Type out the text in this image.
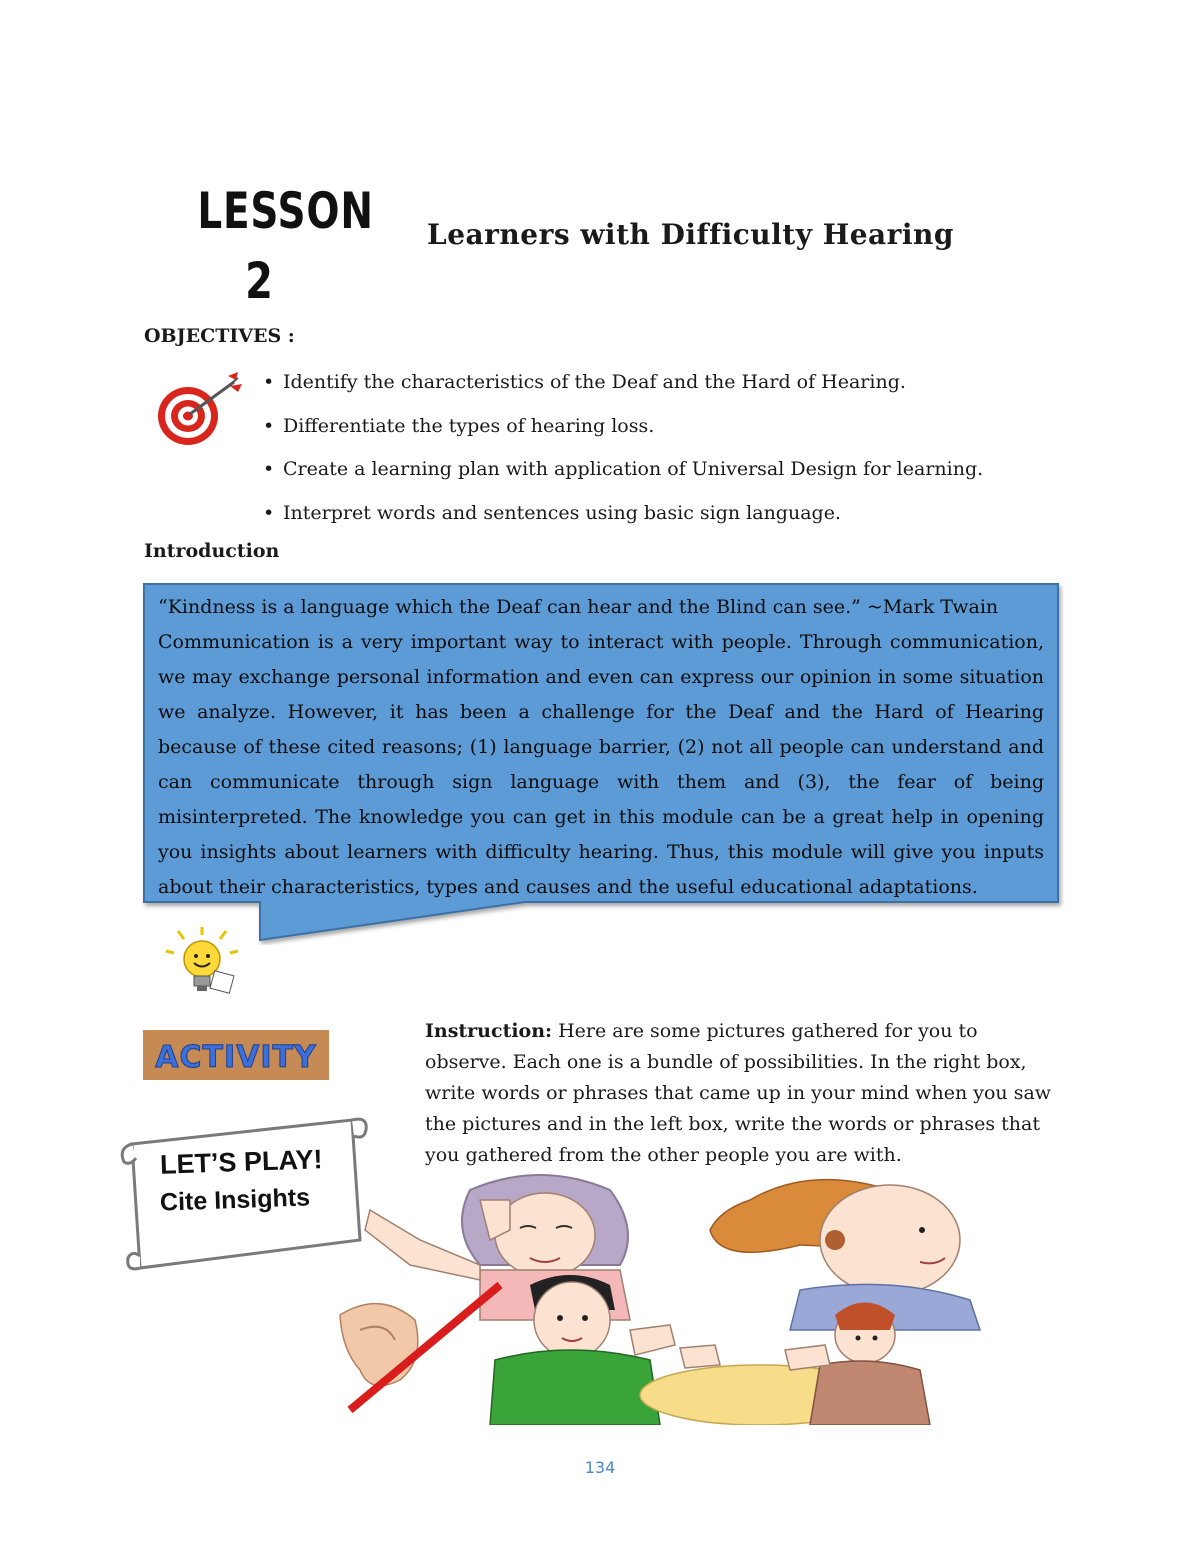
LESSON
2
Learners with Difficulty Hearing
OBJECTIVES :
• Identify the characteristics of the Deaf and the Hard of Hearing.
• Differentiate the types of hearing loss.
• Create a learning plan with application of Universal Design for learning.
• Interpret words and sentences using basic sign language.
Introduction

“Kindness is a language which the Deaf can hear and the Blind can see.” ~Mark Twain

Communication is a very important way to interact with people. Through communication, we may exchange personal information and even can express our opinion in some situation we analyze. However, it has been a challenge for the Deaf and the Hard of Hearing because of these cited reasons; (1) language barrier, (2) not all people can understand and can communicate through sign language with them and (3), the fear of being misinterpreted. The knowledge you can get in this module can be a great help in opening you insights about learners with difficulty hearing. Thus, this module will give you inputs about their characteristics, types and causes and the useful educational adaptations.

ACTIVITY

Instruction: Here are some pictures gathered for you to observe. Each one is a bundle of possibilities. In the right box, write words or phrases that came up in your mind when you saw the pictures and in the left box, write the words or phrases that you gathered from the other people you are with.

LET’S PLAY!
Cite Insights
134
